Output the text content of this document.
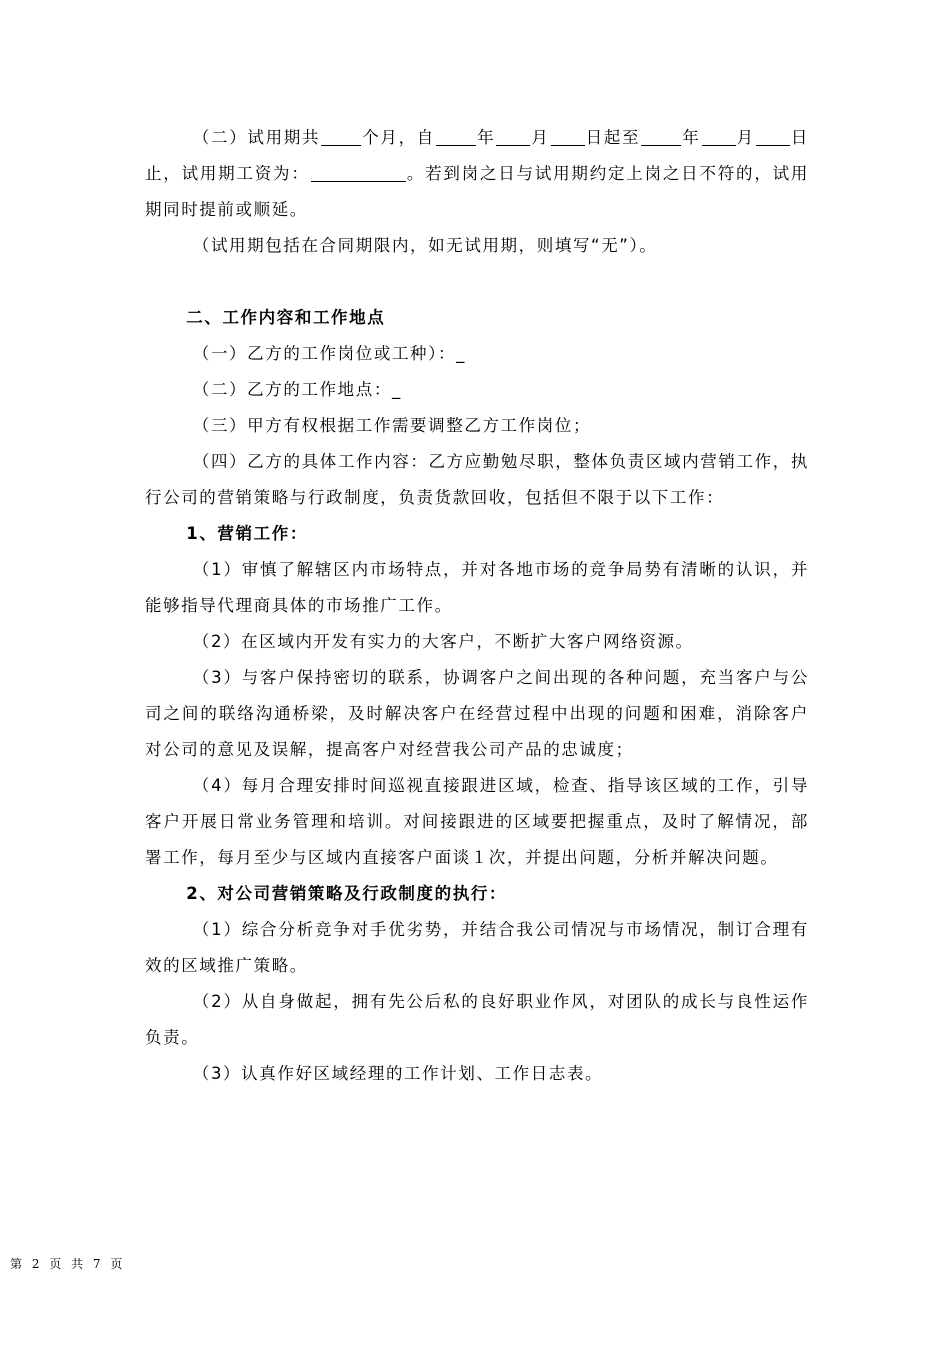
（二）试用期共	个月，自	年 月 日起至	年 月 日止，试用期工资为：	。若到岗之日与试用期约定上岗之日不符的，试用期同时提前或顺延。

（试用期包括在合同期限内，如无试用期，则填写“无”）。

二、工作内容和工作地点

（一）乙方的工作岗位或工种）：_

（二）乙方的工作地点：_

（三）甲方有权根据工作需要调整乙方工作岗位；

（四）乙方的具体工作内容：乙方应勤勉尽职，整体负责区域内营销工作，执行公司的营销策略与行政制度，负责货款回收，包括但不限于以下工作：

1、营销工作：

（1）审慎了解辖区内市场特点，并对各地市场的竞争局势有清晰的认识，并能够指导代理商具体的市场推广工作。

（2）在区域内开发有实力的大客户，不断扩大客户网络资源。

（3）与客户保持密切的联系，协调客户之间出现的各种问题，充当客户与公司之间的联络沟通桥梁，及时解决客户在经营过程中出现的问题和困难，消除客户对公司的意见及误解，提高客户对经营我公司产品的忠诚度；

（4）每月合理安排时间巡视直接跟进区域，检查、指导该区域的工作，引导客户开展日常业务管理和培训。对间接跟进的区域要把握重点，及时了解情况，部署工作，每月至少与区域内直接客户面谈１次，并提出问题，分析并解决问题。

2、对公司营销策略及行政制度的执行：

（1）综合分析竞争对手优劣势，并结合我公司情况与市场情况，制订合理有效的区域推广策略。

（2）从自身做起，拥有先公后私的良好职业作风，对团队的成长与良性运作负责。

（3）认真作好区域经理的工作计划、工作日志表。

第 2 页 共 7 页
